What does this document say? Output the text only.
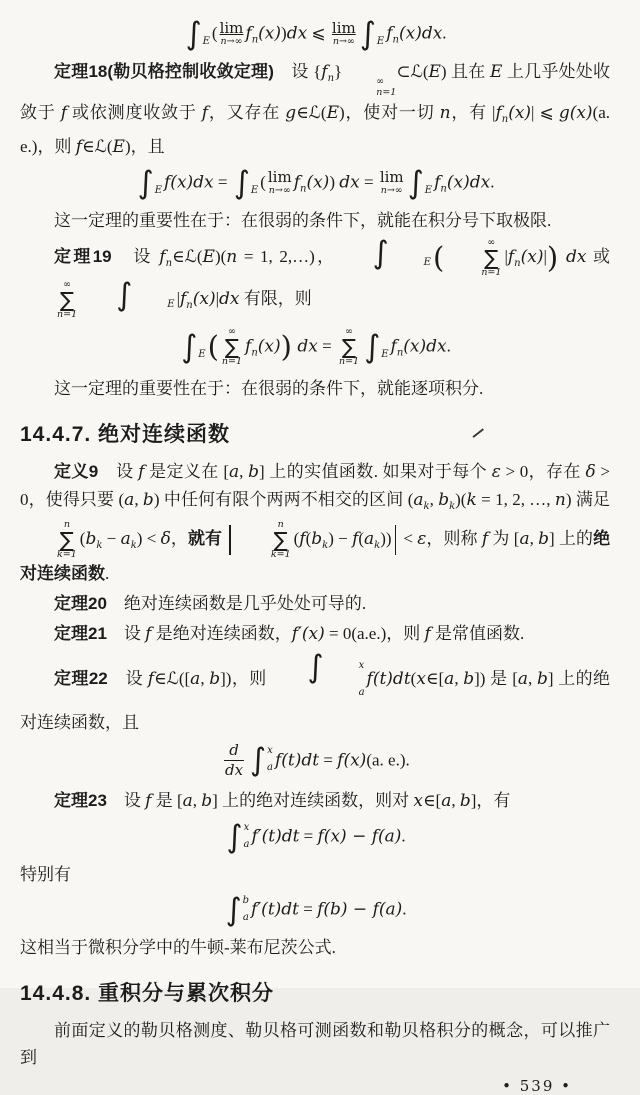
∫ E ( lim
n→∞ $f_n(x))dx$ ⩽ lim
n→∞ ∫ E $f_n(x)dx$.

定理18(勒贝格控制收敛定理)　设 $\{f_n\}$
∞
n=1
⊂ℒ(E) 且在 E 上几乎处处收敛于 f 或依测度收敛于 f，又存在 g∈ℒ(E)，使对一切 n，有 $|f_n(x)|$ ⩽ g(x)(a. e.)，则 f∈ℒ(E)，且

∫ E f(x)dx = ∫ E ( lim
n→∞ $f_n(x)$) dx = lim
n→∞ ∫ E $f_n(x)dx$.

这一定理的重要性在于：在很弱的条件下，就能在积分号下取极限.

定理19　设 $f_n\in ℒ(E)(n = 1$, 2,…)，	∫	E (	∞
∑
n=1
$|f_n(x)|$) dx 或
∞
∑
n=1
∫	E $|f_n(x)|dx$ 有限，则

∫ E ( ∞
∑
n=1
$f_n(x)$) dx =
∞
∑
n=1 ∫ E $f_n(x)dx$.

这一定理的重要性在于：在很弱的条件下，就能逐项积分.

14.4.7. 绝对连续函数

定义9　设 f 是定义在 [a, b] 上的实值函数. 如果对于每个 ε > 0，存在 δ > 0，使得只要 (a, b) 中任何有限个两两不相交的区间 ($a_k$, $b_k)(k = 1$, 2, …, n) 满足
n
∑
k=1
$(b_k - a_k) < \delta$，就有
n
∑
k=1
$(f(b_k) - f(a_k)) < \varepsilon$，则称 f 为 [a, b] 上的绝对连续函数.

定理20　绝对连续函数是几乎处处可导的.

定理21　设 f 是绝对连续函数，f′(x) = 0(a.e.)，则 f 是常值函数.

定理22　设 f∈ℒ([a, b])，则	∫	x
a
f(t)dt(x∈[a, b]) 是 [a, b] 上的绝对连续函数，且

$\frac{d}{dx}$ ∫ x
a f(t)dt = f(x)(a. e.).

定理23　设 f 是 [a, b] 上的绝对连续函数，则对 x∈[a, b]，有

∫ x
a f′(t)dt = f(x) − f(a).

特别有

∫ b
a f′(t)dt = f(b) − f(a).

这相当于微积分学中的牛顿-莱布尼茨公式.

14.4.8. 重积分与累次积分

前面定义的勒贝格测度、勒贝格可测函数和勒贝格积分的概念，可以推广到

• 539 •
